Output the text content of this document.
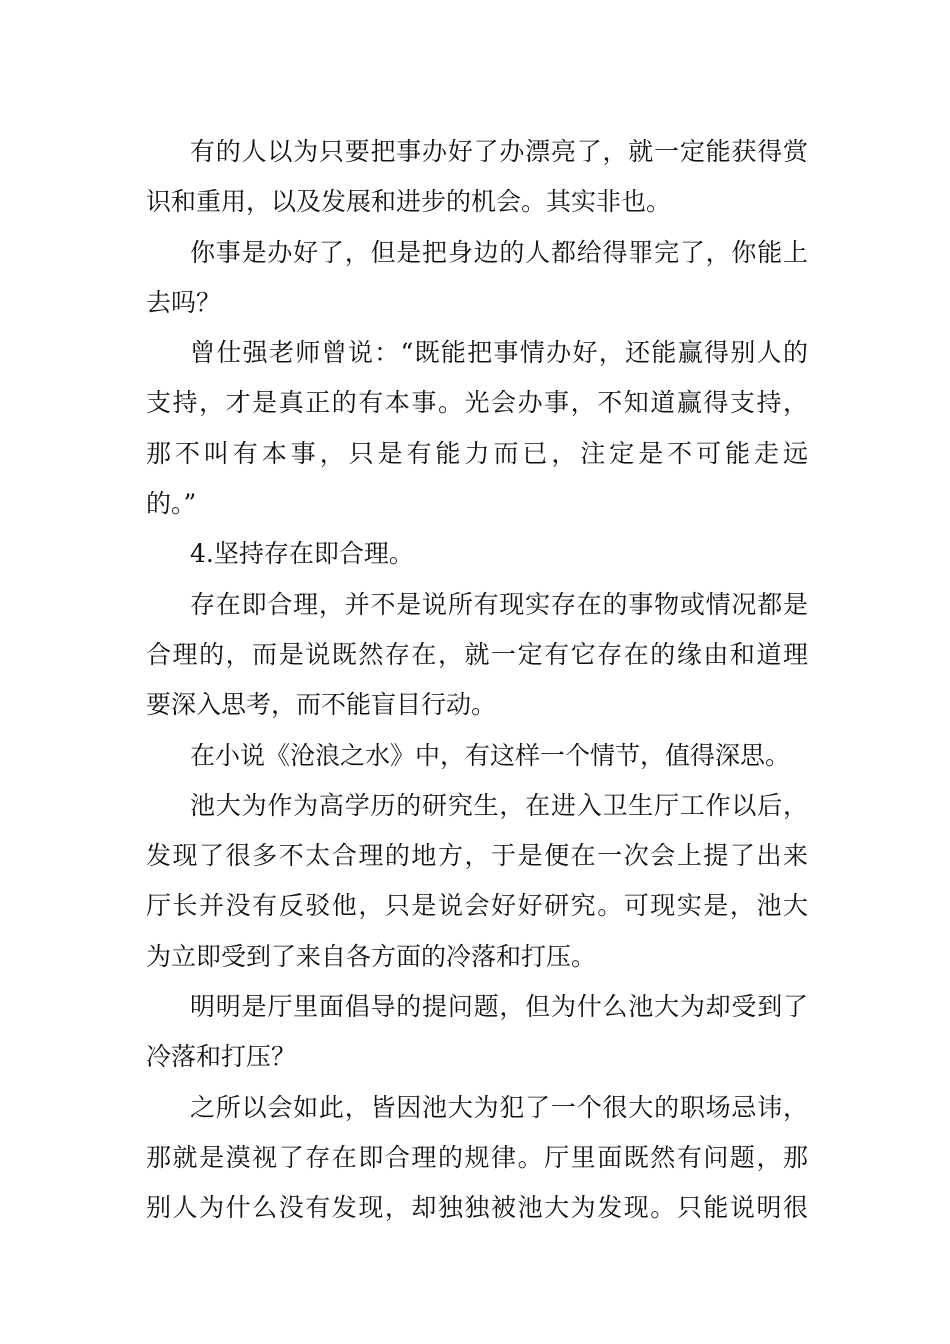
有的人以为只要把事办好了办漂亮了，就一定能获得赏
识和重用，以及发展和进步的机会。其实非也。
你事是办好了，但是把身边的人都给得罪完了，你能上
去吗？
曾仕强老师曾说：“既能把事情办好，还能赢得别人的
支持，才是真正的有本事。光会办事，不知道赢得支持，
那不叫有本事，只是有能力而已，注定是不可能走远
的。”
4.坚持存在即合理。
存在即合理，并不是说所有现实存在的事物或情况都是
合理的，而是说既然存在，就一定有它存在的缘由和道理
要深入思考，而不能盲目行动。
在小说《沧浪之水》中，有这样一个情节，值得深思。
池大为作为高学历的研究生，在进入卫生厅工作以后，
发现了很多不太合理的地方，于是便在一次会上提了出来
厅长并没有反驳他，只是说会好好研究。可现实是，池大
为立即受到了来自各方面的冷落和打压。
明明是厅里面倡导的提问题，但为什么池大为却受到了
冷落和打压？
之所以会如此，皆因池大为犯了一个很大的职场忌讳，
那就是漠视了存在即合理的规律。厅里面既然有问题，那
别人为什么没有发现，却独独被池大为发现。只能说明很
